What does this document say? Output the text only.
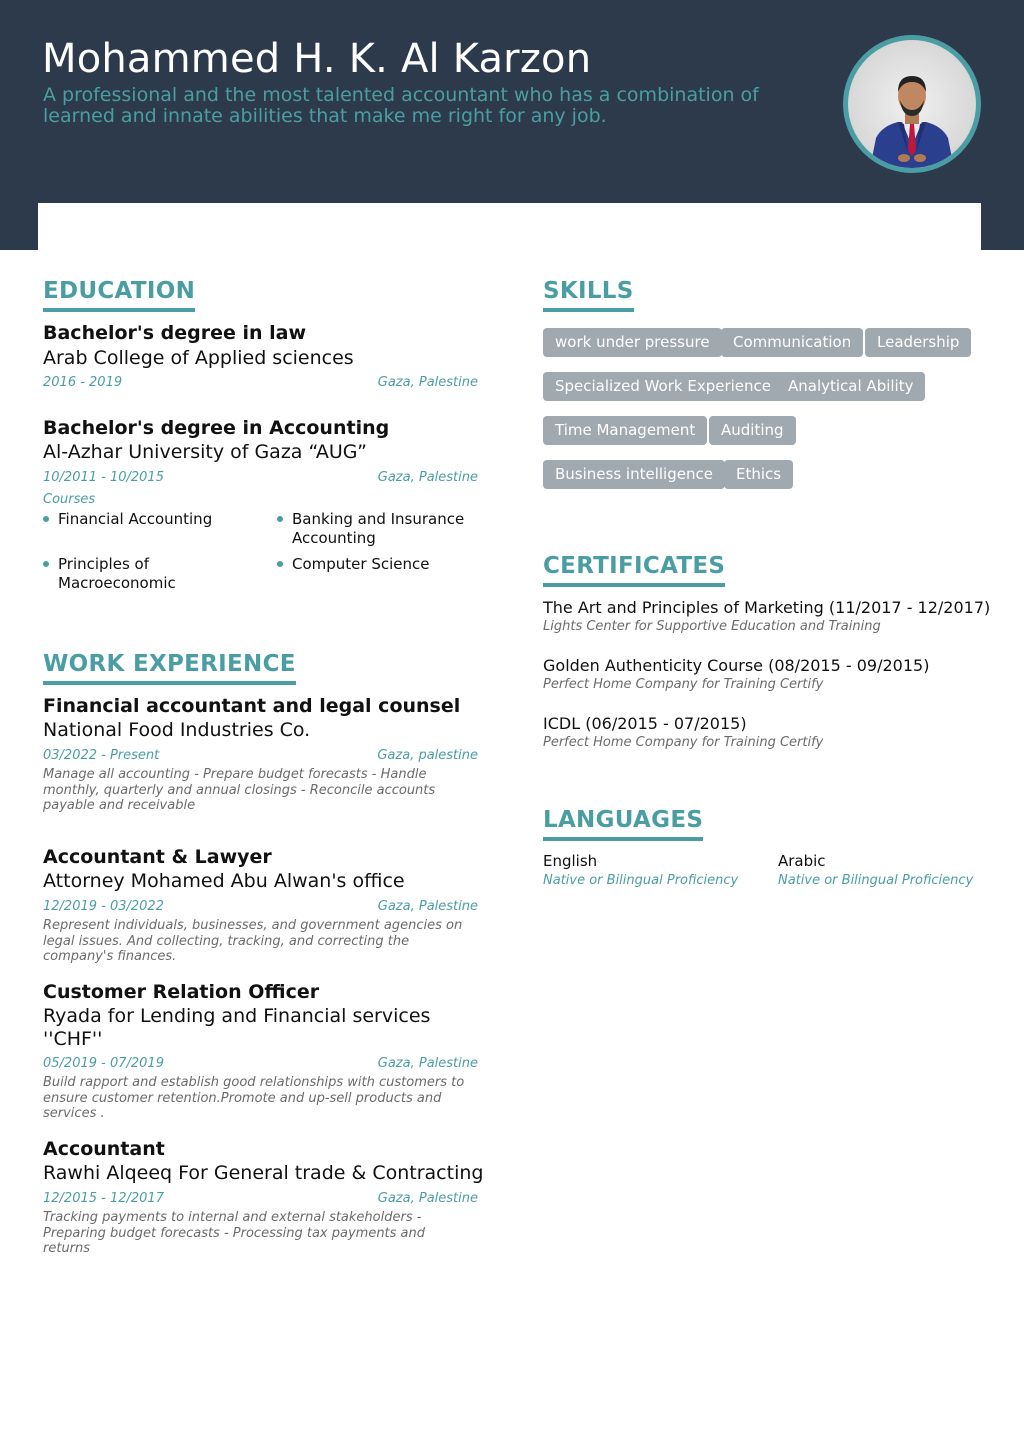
Mohammed H. K. Al Karzon

A professional and the most talented accountant who has a combination of learned and innate abilities that make me right for any job.

EDUCATION
Bachelor's degree in law
Arab College of Applied sciences
2016 - 2019	Gaza, Palestine
Bachelor's degree in Accounting
Al-Azhar University of Gaza “AUG”
10/2011 - 10/2015	Gaza, Palestine
Courses
Financial Accounting	Banking and Insurance Accounting
Principles of Macroeconomic
Computer Science
WORK EXPERIENCE
Financial accountant and legal counsel
National Food Industries Co.
03/2022 - Present	Gaza, palestine
Manage all accounting - Prepare budget forecasts - Handle monthly, quarterly and annual closings - Reconcile accounts payable and receivable
Accountant & Lawyer
Attorney Mohamed Abu Alwan's office
12/2019 - 03/2022	Gaza, Palestine
Represent individuals, businesses, and government agencies on legal issues. And collecting, tracking, and correcting the company's finances.
Customer Relation Officer
Ryada for Lending and Financial services ''CHF''
05/2019 - 07/2019	Gaza, Palestine
Build rapport and establish good relationships with customers to ensure customer retention.Promote and up-sell products and services .
Accountant
Rawhi Alqeeq For General trade & Contracting
12/2015 - 12/2017	Gaza, Palestine
Tracking payments to internal and external stakeholders - Preparing budget forecasts - Processing tax payments and returns
SKILLS
work under pressure	Communication	Leadership
Specialized Work Experience	Analytical Ability
Time Management	Auditing
Business intelligence	Ethics
CERTIFICATES
The Art and Principles of Marketing (11/2017 - 12/2017)
Lights Center for Supportive Education and Training
Golden Authenticity Course (08/2015 - 09/2015)
Perfect Home Company for Training Certify
ICDL (06/2015 - 07/2015)
Perfect Home Company for Training Certify
LANGUAGES
English
Native or Bilingual Proficiency
Arabic
Native or Bilingual Proficiency
